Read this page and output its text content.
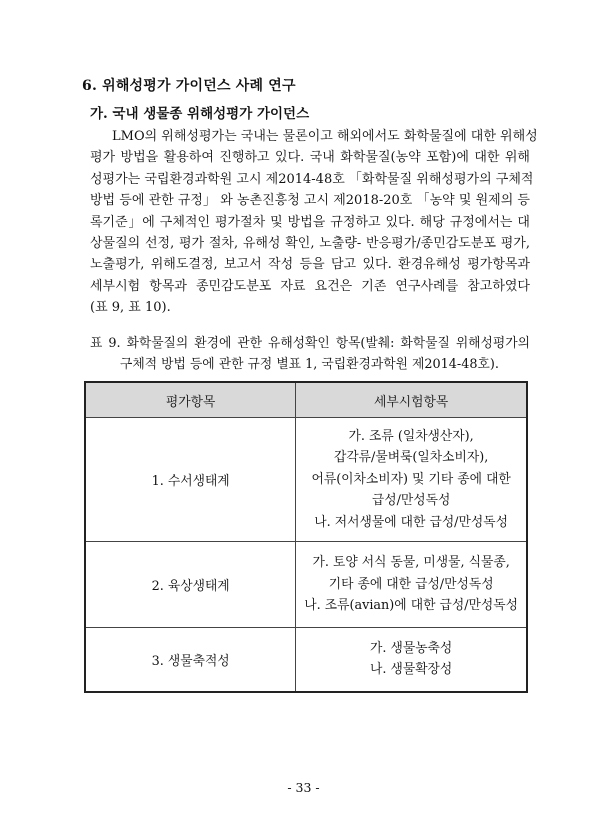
6. 위해성평가 가이던스 사례 연구
가. 국내 생물종 위해성평가 가이던스
LMO의 위해성평가는 국내는 물론이고 해외에서도 화학물질에 대한 위해성
평가 방법을 활용하여 진행하고 있다. 국내 화학물질(농약 포함)에 대한 위해
성평가는 국립환경과학원 고시 제2014-48호 「화학물질 위해성평가의 구체적
방법 등에 관한 규정」 와 농촌진흥청 고시 제2018-20호 「농약 및 원제의 등
록기준」에 구체적인 평가절차 및 방법을 규정하고 있다. 해당 규정에서는 대
상물질의 선정, 평가 절차, 유해성 확인, 노출량- 반응평가/종민감도분포 평가,
노출평가, 위해도결정, 보고서 작성 등을 담고 있다. 환경유해성 평가항목과
세부시험 항목과 종민감도분포 자료 요건은 기존 연구사례를 참고하였다
(표 9, 표 10).
표 9. 화학물질의 환경에 관한 유해성확인 항목(발췌: 화학물질 위해성평가의
구체적 방법 등에 관한 규정 별표 1, 국립환경과학원 제2014-48호).
평가항목	세부시험항목
1. 수서생태계	가. 조류 (일차생산자),
갑각류/물벼룩(일차소비자),
어류(이차소비자) 및 기타 종에 대한
급성/만성독성
나. 저서생물에 대한 급성/만성독성

2. 육상생태계	가. 토양 서식 동물, 미생물, 식물종,
기타 종에 대한 급성/만성독성
나. 조류(avian)에 대한 급성/만성독성

3. 생물축적성	가. 생물농축성
나. 생물확장성
- 33 -
